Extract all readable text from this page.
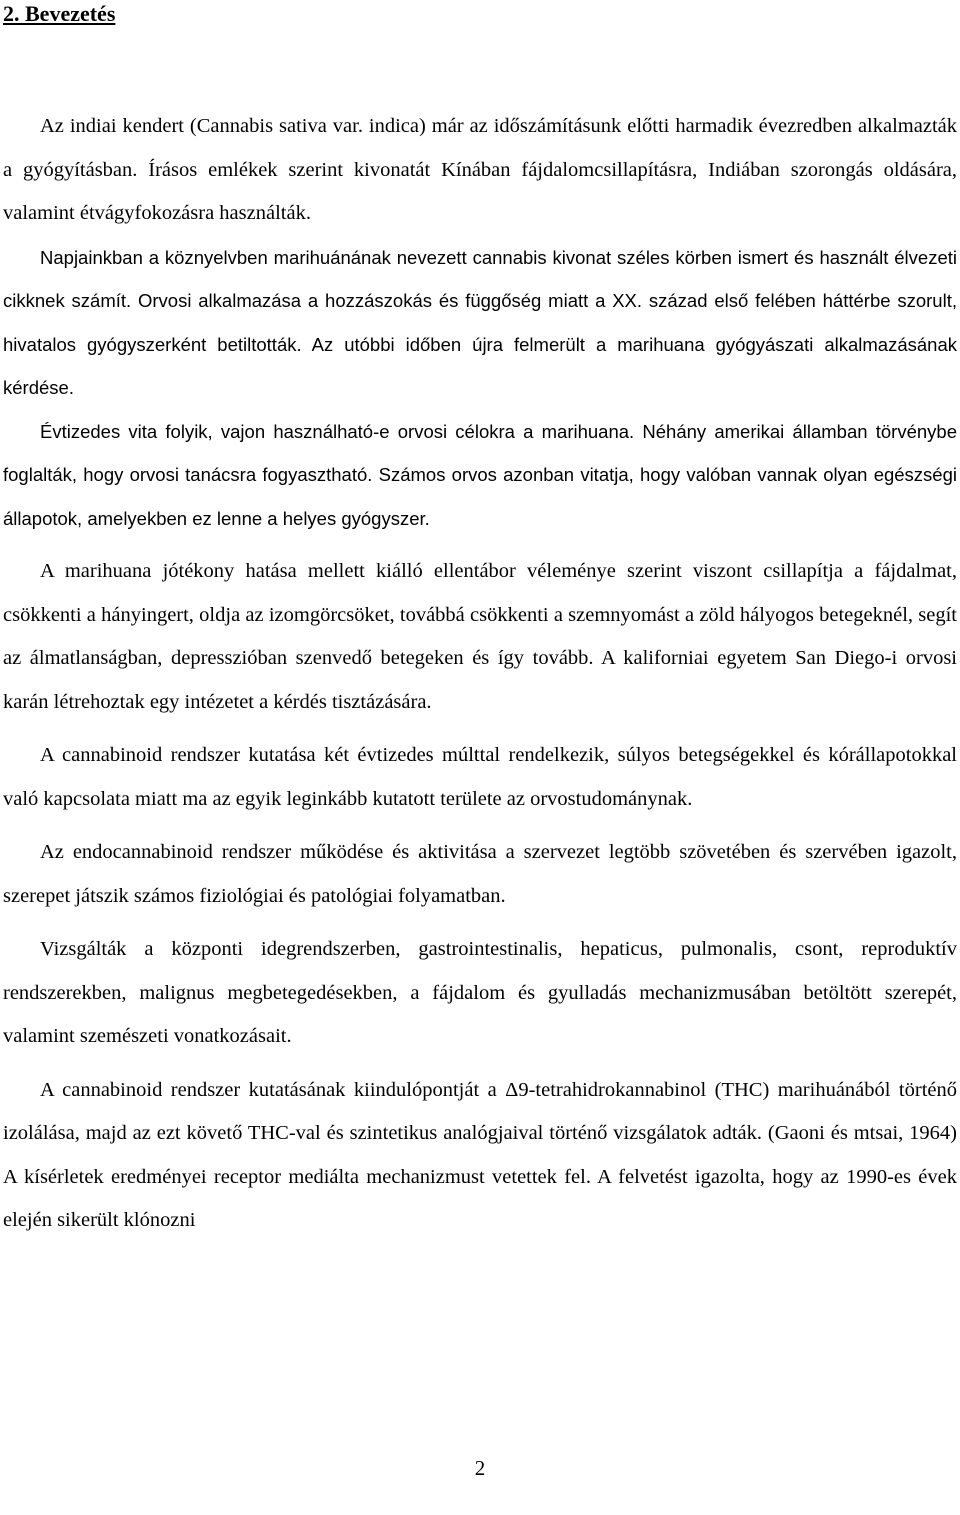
2. Bevezetés

Az indiai kendert (Cannabis sativa var. indica) már az időszámításunk előtti harmadik évezredben alkalmazták a gyógyításban. Írásos emlékek szerint kivonatát Kínában fájdalomcsillapításra, Indiában szorongás oldására, valamint étvágyfokozásra használták.

Napjainkban a köznyelvben marihuánának nevezett cannabis kivonat széles körben ismert és használt élvezeti cikknek számít. Orvosi alkalmazása a hozzászokás és függőség miatt a XX. század első felében háttérbe szorult, hivatalos gyógyszerként betiltották. Az utóbbi időben újra felmerült a marihuana gyógyászati alkalmazásának kérdése.

Évtizedes vita folyik, vajon használható-e orvosi célokra a marihuana. Néhány amerikai államban törvénybe foglalták, hogy orvosi tanácsra fogyasztható. Számos orvos azonban vitatja, hogy valóban vannak olyan egészségi állapotok, amelyekben ez lenne a helyes gyógyszer.

A marihuana jótékony hatása mellett kiálló ellentábor véleménye szerint viszont csillapítja a fájdalmat, csökkenti a hányingert, oldja az izomgörcsöket, továbbá csökkenti a szemnyomást a zöld hályogos betegeknél, segít az álmatlanságban, depresszióban szenvedő betegeken és így tovább. A kaliforniai egyetem San Diego-i orvosi karán létrehoztak egy intézetet a kérdés tisztázására.

A cannabinoid rendszer kutatása két évtizedes múlttal rendelkezik, súlyos betegségekkel és kórállapotokkal való kapcsolata miatt ma az egyik leginkább kutatott területe az orvostudománynak.

Az endocannabinoid rendszer működése és aktivitása a szervezet legtöbb szövetében és szervében igazolt, szerepet játszik számos fiziológiai és patológiai folyamatban.

Vizsgálták a központi idegrendszerben, gastrointestinalis, hepaticus, pulmonalis, csont, reproduktív rendszerekben, malignus megbetegedésekben, a fájdalom és gyulladás mechanizmusában betöltött szerepét, valamint szemészeti vonatkozásait.

A cannabinoid rendszer kutatásának kiindulópontját a Δ9-tetrahidrokannabinol (THC) marihuánából történő izolálása, majd az ezt követő THC-val és szintetikus analógjaival történő vizsgálatok adták. (Gaoni és mtsai, 1964) A kísérletek eredményei receptor mediálta mechanizmust vetettek fel. A felvetést igazolta, hogy az 1990-es évek elején sikerült klónozni

2
